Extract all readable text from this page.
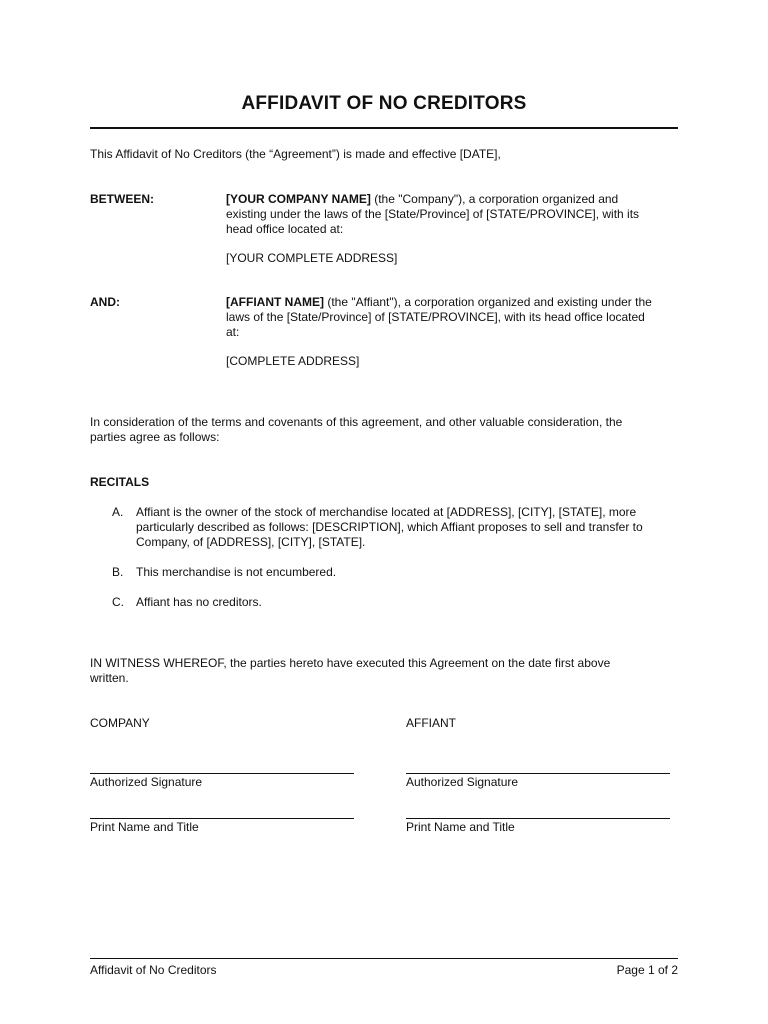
AFFIDAVIT OF NO CREDITORS
This Affidavit of No Creditors (the “Agreement”) is made and effective [DATE],
BETWEEN:	[YOUR COMPANY NAME] (the "Company"), a corporation organized and
existing under the laws of the [State/Province] of [STATE/PROVINCE], with its
head office located at:
[YOUR COMPLETE ADDRESS]
AND:	[AFFIANT NAME] (the "Affiant"), a corporation organized and existing under the
laws of the [State/Province] of [STATE/PROVINCE], with its head office located
at:
[COMPLETE ADDRESS]
In consideration of the terms and covenants of this agreement, and other valuable consideration, the
parties agree as follows:
RECITALS
A. Affiant is the owner of the stock of merchandise located at [ADDRESS], [CITY], [STATE], more
particularly described as follows: [DESCRIPTION], which Affiant proposes to sell and transfer to
Company, of [ADDRESS], [CITY], [STATE].
B. This merchandise is not encumbered.
C. Affiant has no creditors.
IN WITNESS WHEREOF, the parties hereto have executed this Agreement on the date first above
written.
COMPANY
Authorized Signature
Print Name and Title
AFFIANT
Authorized Signature
Print Name and Title
Affidavit of No Creditors	Page 1 of 2
